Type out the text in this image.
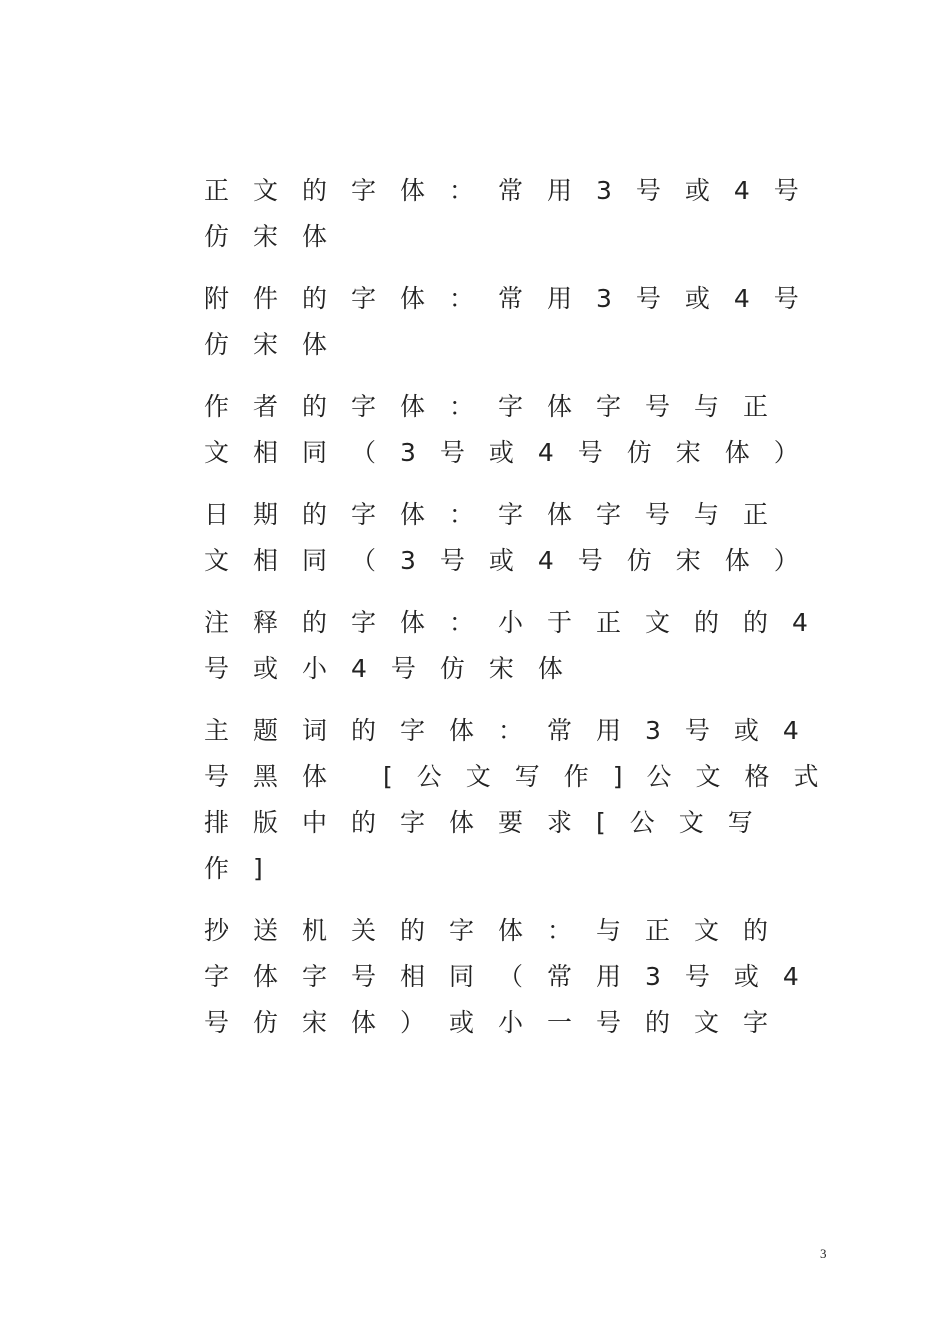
正文的字体：常用3号或4号
仿宋体
附件的字体：常用3号或4号
仿宋体
作者的字体：字体字号与正
文相同（3号或4号仿宋体）
日期的字体：字体字号与正
文相同（3号或4号仿宋体）
注释的字体：小于正文的的4
号或小4号仿宋体
主题词的字体：常用3号或4
号黑体 [公文写作]公文格式
排版中的字体要求[公文写
作]
抄送机关的字体：与正文的
字体字号相同（常用3号或4
号仿宋体）或小一号的文字
3
